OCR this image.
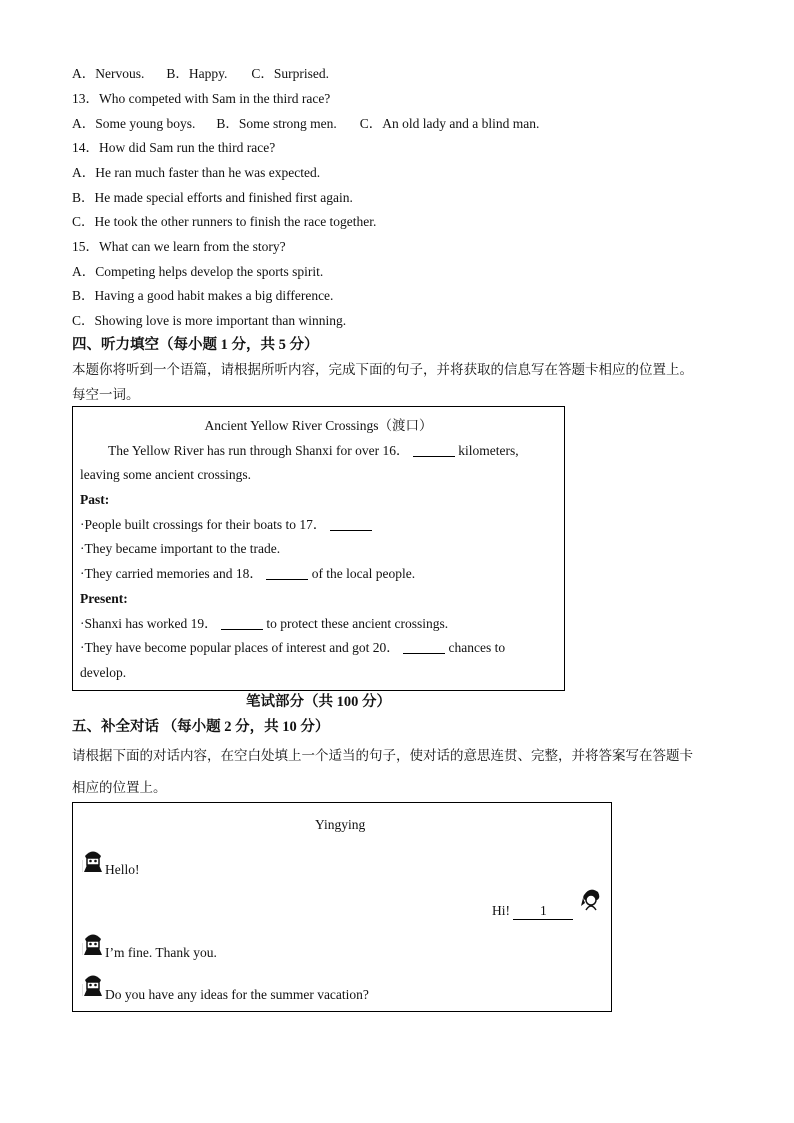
A．Nervous. B．Happy. C．Surprised.
13．Who competed with Sam in the third race?
A．Some young boys. B．Some strong men. C．An old lady and a blind man.
14．How did Sam run the third race?
A．He ran much faster than he was expected.
B．He made special efforts and finished first again.
C．He took the other runners to finish the race together.
15．What can we learn from the story?
A．Competing helps develop the sports spirit.
B．Having a good habit makes a big difference.
C．Showing love is more important than winning.
四、听力填空（每小题 1 分，共 5 分）
本题你将听到一个语篇，请根据所听内容，完成下面的句子，并将获取的信息写在答题卡相应的位置上。
每空一词。
Ancient Yellow River Crossings（渡口）
The Yellow River has run through Shanxi for over 16．	kilometers,
leaving some ancient crossings.
Past:
·People built crossings for their boats to 17．
·They became important to the trade.
·They carried memories and 18．	of the local people.
Present:
·Shanxi has worked 19．	to protect these ancient crossings.
·They have become popular places of interest and got 20．	chances to
develop.
笔试部分（共 100 分）
五、补全对话 （每小题 2 分，共 10 分）
请根据下面的对话内容，在空白处填上一个适当的句子，使对话的意思连贯、完整，并将答案写在答题卡
相应的位置上。
Yingying
Hello!
Hi! 1
I’m fine. Thank you.
Do you have any ideas for the summer vacation?
